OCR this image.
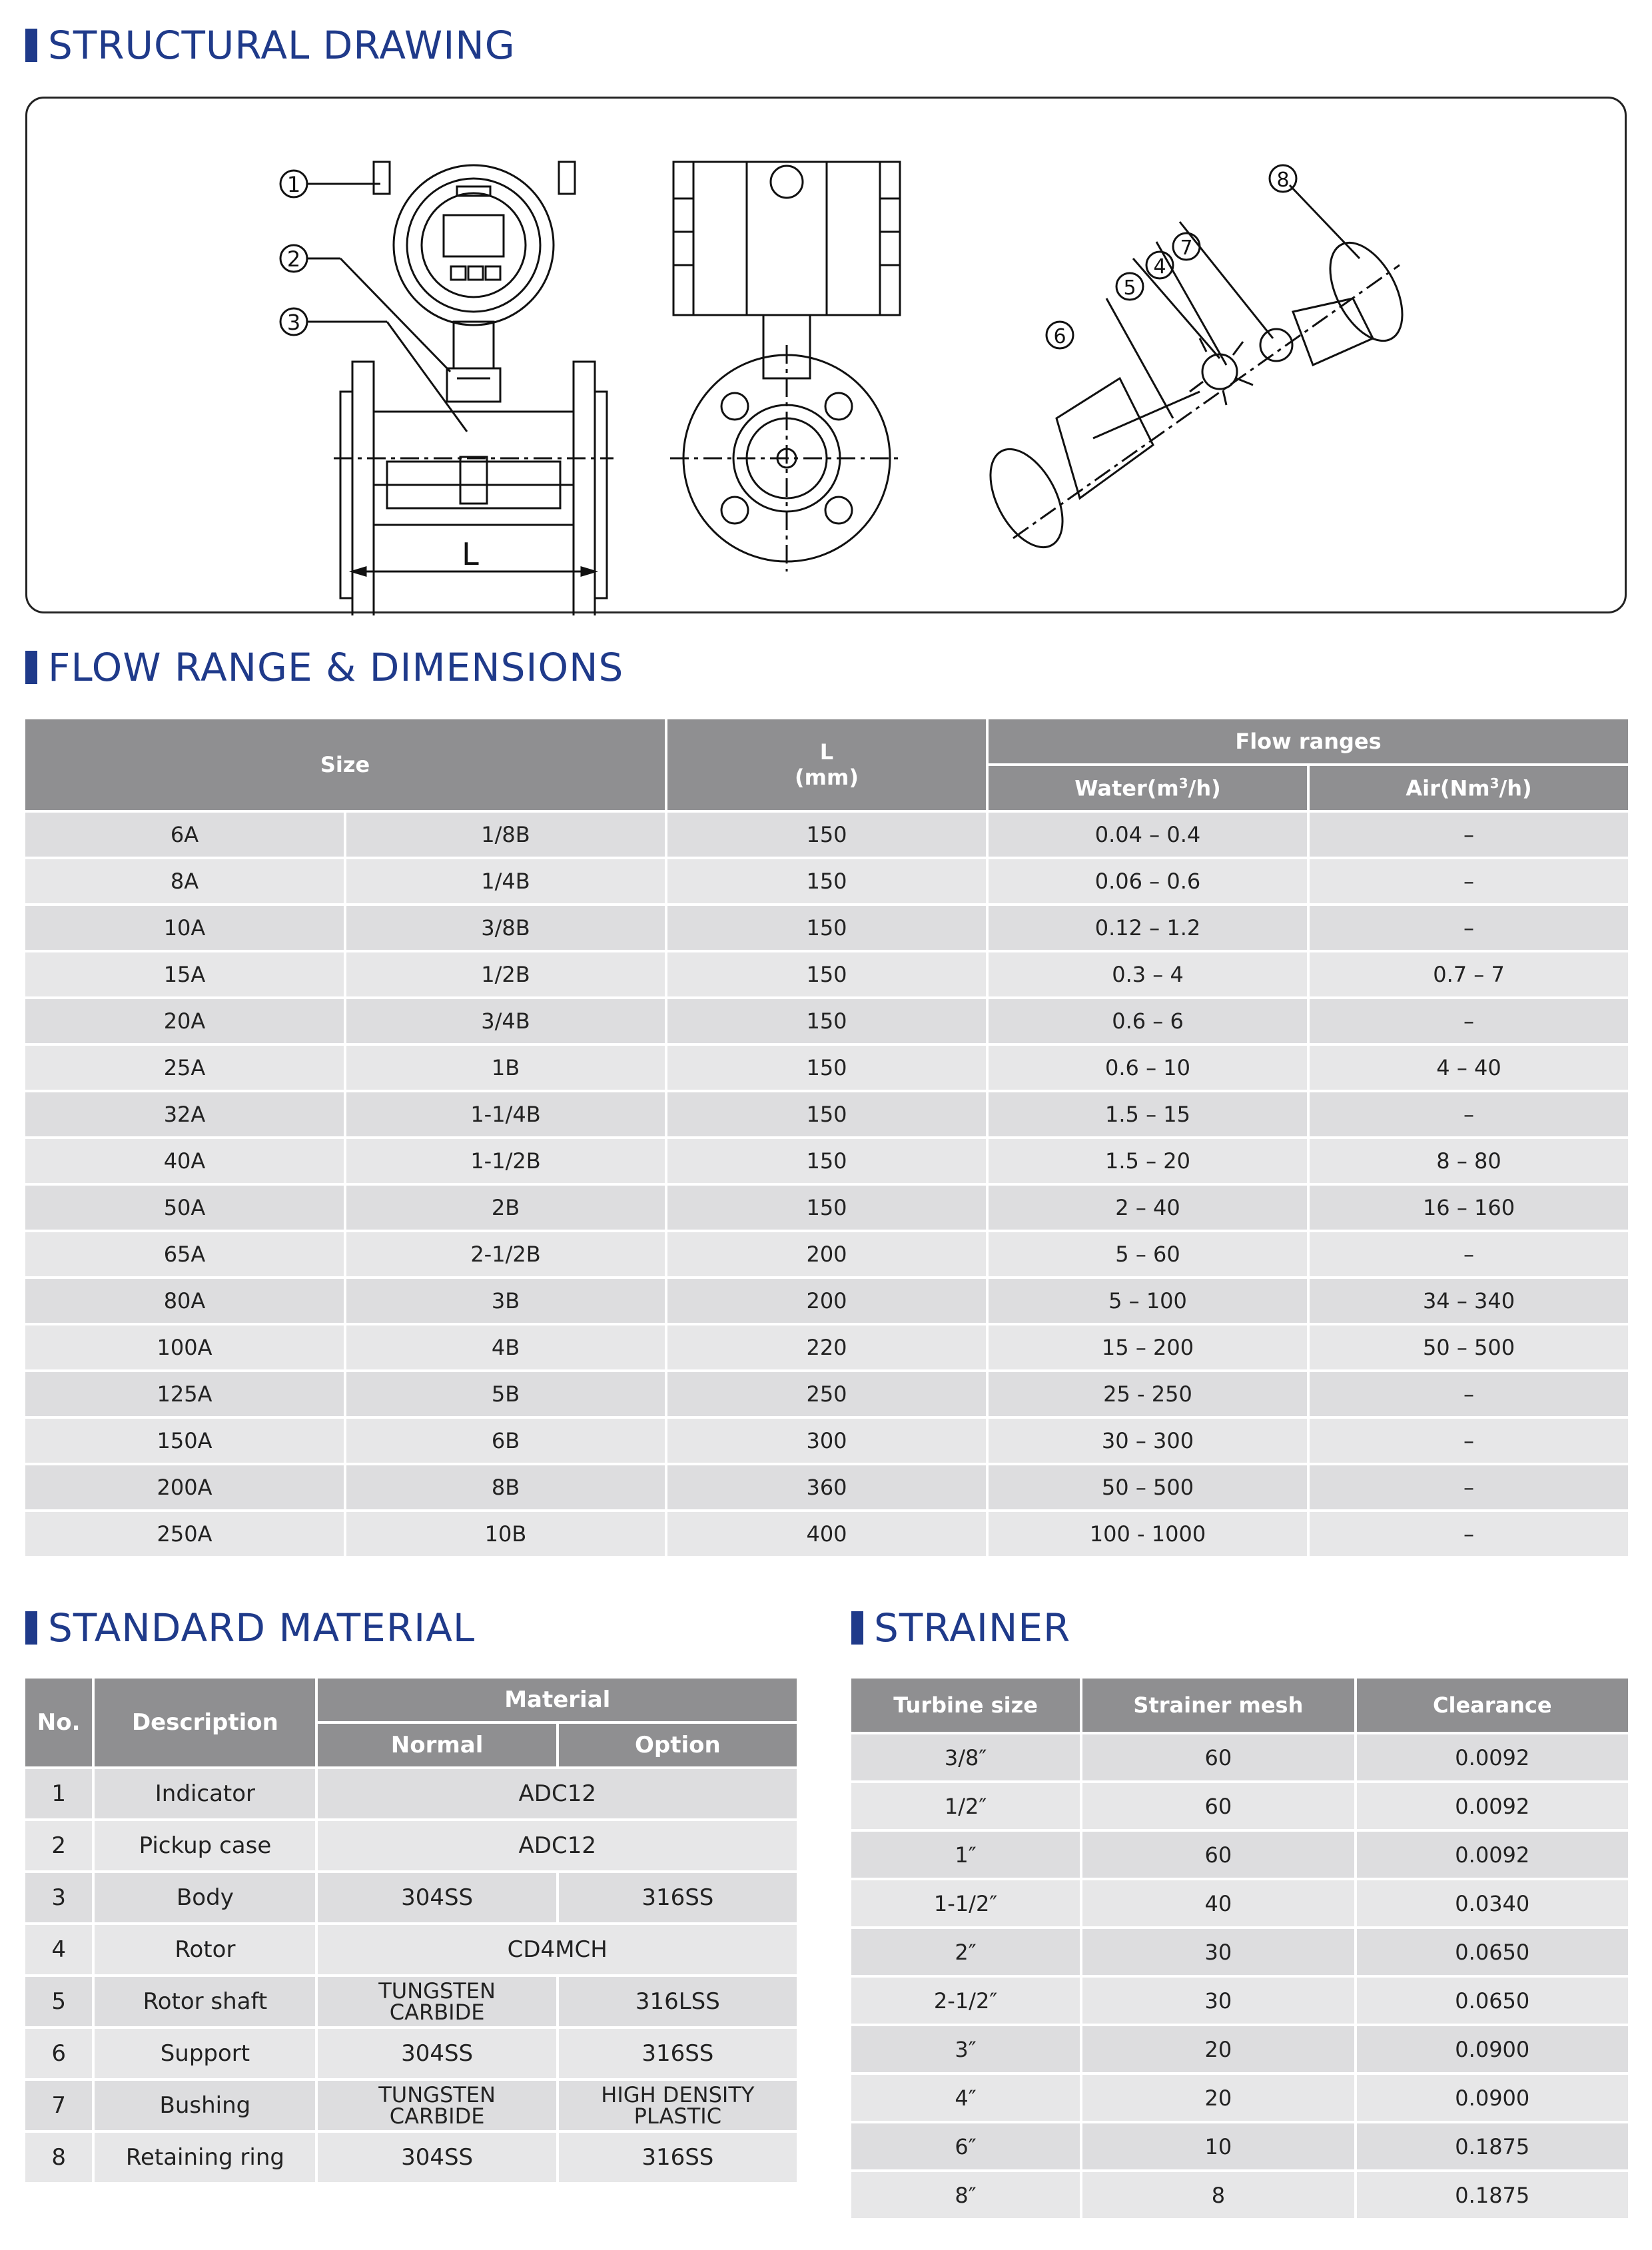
STRUCTURAL DRAWING
FLOW RANGE & DIMENSIONS
STANDARD MATERIAL	STRAINER
1
2
3
L
6
5
4
7
8
Size		L
(mm)	Flow ranges	
			$Water(m^3/h)$	Air(Nm$^3$/h)
6A	1/8B	150	0.04 – 0.4	–
8A	1/4B	150	0.06 – 0.6	–
10A	3/8B	150	0.12 – 1.2	–
15A	1/2B	150	0.3 – 4	0.7 – 7
20A	3/4B	150	0.6 – 6	–
25A	1B	150	0.6 – 10	4 – 40
32A	1-1/4B	150	1.5 – 15	–
40A	1-1/2B	150	1.5 – 20	8 – 80
50A	2B	150	2 – 40	16 – 160
65A	2-1/2B	200	5 – 60	–
80A	3B	200	5 – 100	34 – 340
100A	4B	220	15 – 200	50 – 500
125A	5B	250	25 - 250	–
150A	6B	300	30 – 300	–
200A	8B	360	50 – 500	–
250A	10B	400	100 - 1000	–
No.	Description	Material	
		Normal	Option
1	Indicator	ADC12	
2	Pickup case	ADC12	
3	Body	304SS	316SS
4	Rotor	CD4MCH	
5	Rotor shaft	TUNGSTEN CARBIDE	316LSS
6	Support	304SS	316SS
7	Bushing	TUNGSTEN CARBIDE	HIGH DENSITY PLASTIC
8	Retaining ring	304SS	316SS
Turbine size	Strainer mesh	Clearance
3/8″	60	0.0092
1/2″	60	0.0092
1″	60	0.0092
1-1/2″	40	0.0340
2″	30	0.0650
2-1/2″	30	0.0650
3″	20	0.0900
4″	20	0.0900
6″	10	0.1875
8″	8	0.1875
